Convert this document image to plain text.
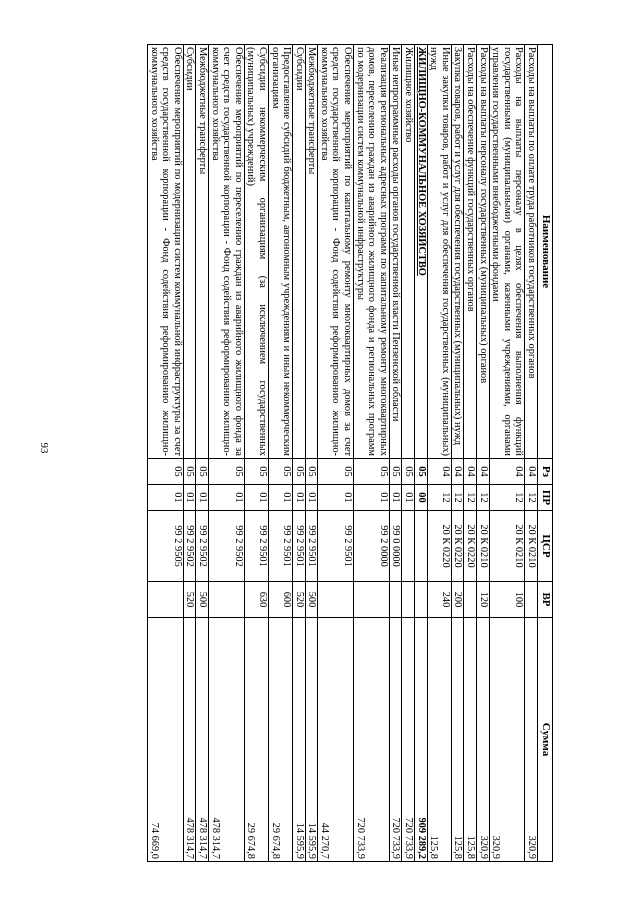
93
Наименование	Рз	ПР	ЦСР	ВР	Сумма
Расходы на выплаты по оплате труда работников государственных органов	04	12	20 К 0210		320,9
Расходы на выплаты персоналу в целях обеспечения выполнения функций государственными (муниципальными) органами, казенными учреждениями, органами управления государственными внебюджетными фондами	04	12	20 К 0210	100	320,9
Расходы на выплаты персоналу государственных (муниципальных) органов	04	12	20 К 0210	120	320,9
Расходы на обеспечение функций государственных органов	04	12	20 К 0220		125,8
Закупка товаров, работ и услуг для обеспечения государственных (муниципальных) нужд	04	12	20 К 0220	200	125,8
Иные закупки товаров, работ и услуг для обеспечения государственных (муниципальных) нужд	04	12	20 К 0220	240	125,8
ЖИЛИЩНО-КОММУНАЛЬНОЕ ХОЗЯЙСТВО	05	00			909 289,2
Жилищное хозяйство	05	01			720 733,9
Иные непрограммные расходы органов государственной власти Пензенской области	05	01	99 0 0000		720 733,9
Реализация региональных адресных программ по капитальному ремонту многоквартирных домов, переселению граждан из аварийного жилищного фонда и региональных программ по модернизации систем коммунальной инфраструктуры	05	01	99 2 0000		720 733,9
Обеспечение мероприятий по капитальному ремонту многоквартирных домов за счет средств государственной корпорации - Фонд содействия реформированию жилищно-коммунального хозяйства	05	01	99 2 9501		44 270,7
Межбюджетные трансферты	05	01	99 2 9501	500	14 595,9
Субсидии	05	01	99 2 9501	520	14 595,9
Предоставление субсидий бюджетным, автономным учреждениям и иным некоммерческим организациям	05	01	99 2 9501	600	29 674,8
Субсидии некоммерческим организациям (за исключением государственных (муниципальных) учреждений)	05	01	99 2 9501	630	29 674,8
Обеспечение мероприятий по переселению граждан из аварийного жилищного фонда за счет средств государственной корпорации - Фонд содействия реформированию жилищно-коммунального хозяйства	05	01	99 2 9502		478 314,7
Межбюджетные трансферты	05	01	99 2 9502	500	478 314,7
Субсидии	05	01	99 2 9502	520	478 314,7
Обеспечение мероприятий по модернизации систем коммунальной инфраструктуры за счет средств государственной корпорации - Фонд содействия реформированию жилищно-коммунального хозяйства	05	01	99 2 9505		74 669,0
